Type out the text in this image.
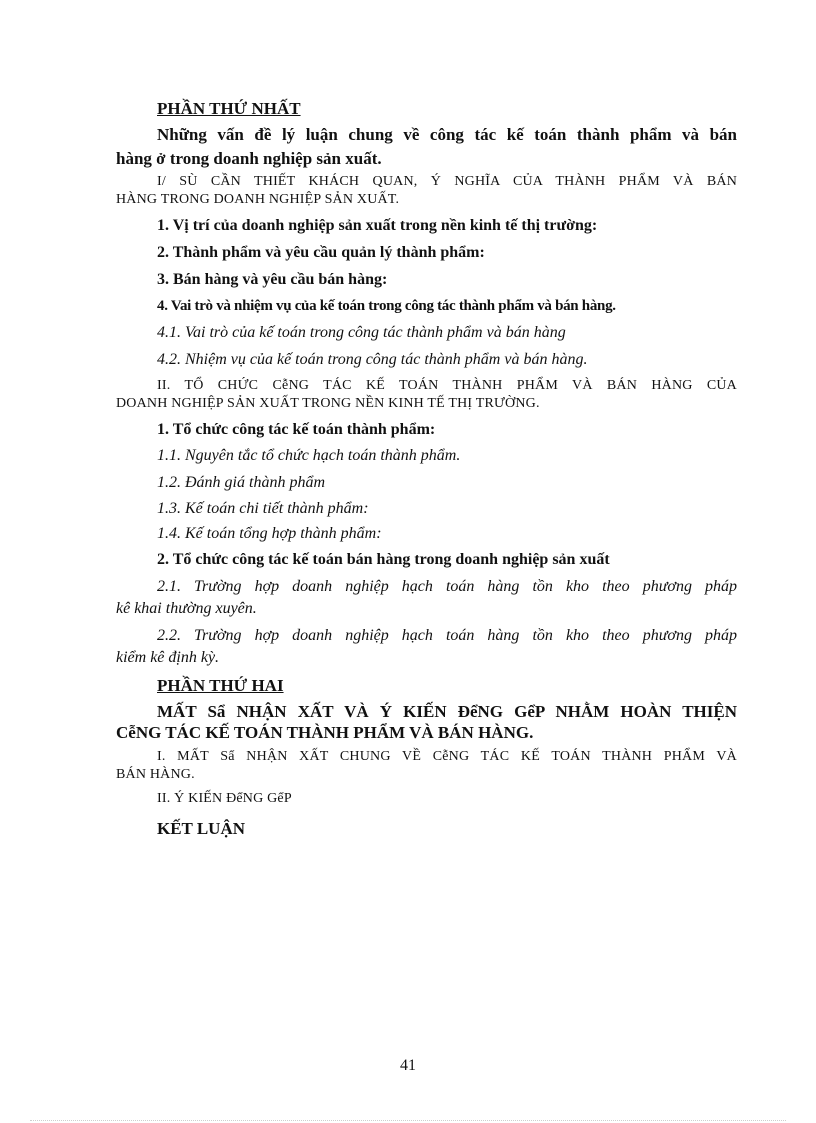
PHẦN THỨ NHẤT

Những vấn đề lý luận chung về công tác kế toán thành phẩm và bán

hàng ở trong doanh nghiệp sản xuất.

I/ SÙ CẦN THIẾT KHÁCH QUAN, Ý NGHĨA CỦA THÀNH PHẨM VÀ BÁN

HÀNG TRONG DOANH NGHIỆP SẢN XUẤT.

1. Vị trí của doanh nghiệp sản xuất trong nền kinh tế thị trường:

2. Thành phẩm và yêu cầu quản lý thành phẩm:

3. Bán hàng và yêu cầu bán hàng:

4. Vai trò và nhiệm vụ của kế toán trong công tác thành phẩm và bán hàng.

4.1. Vai trò của kế toán trong công tác thành phẩm và bán hàng

4.2. Nhiệm vụ của kế toán trong công tác thành phẩm và bán hàng.

II. TỔ CHỨC CễNG TÁC KẾ TOÁN THÀNH PHẨM VÀ BÁN HÀNG CỦA

DOANH NGHIỆP SẢN XUẤT TRONG NỀN KINH TẾ THỊ TRƯỜNG.

1. Tổ chức công tác kế toán thành phẩm:

1.1. Nguyên tắc tổ chức hạch toán thành phẩm.

1.2. Đánh giá thành phẩm

1.3. Kế toán chi tiết thành phẩm:

1.4. Kế toán tổng hợp thành phẩm:

2. Tổ chức công tác kế toán bán hàng trong doanh nghiệp sản xuất

2.1. Trường hợp doanh nghiệp hạch toán hàng tồn kho theo phương pháp

kê khai thường xuyên.

2.2. Trường hợp doanh nghiệp hạch toán hàng tồn kho theo phương pháp

kiểm kê định kỳ.

PHẦN THỨ HAI

MẤT Sẩ NHẬN XẤT VÀ Ý KIẾN ĐểNG GểP NHẰM HOÀN THIỆN

CễNG TÁC KẾ TOÁN THÀNH PHẨM VÀ BÁN HÀNG.

I. MẤT Sẩ NHẬN XẤT CHUNG VỀ CễNG TÁC KẾ TOÁN THÀNH PHẨM VÀ

BÁN HÀNG.

II. Ý KIẾN ĐểNG GểP

KẾT LUẬN

41
